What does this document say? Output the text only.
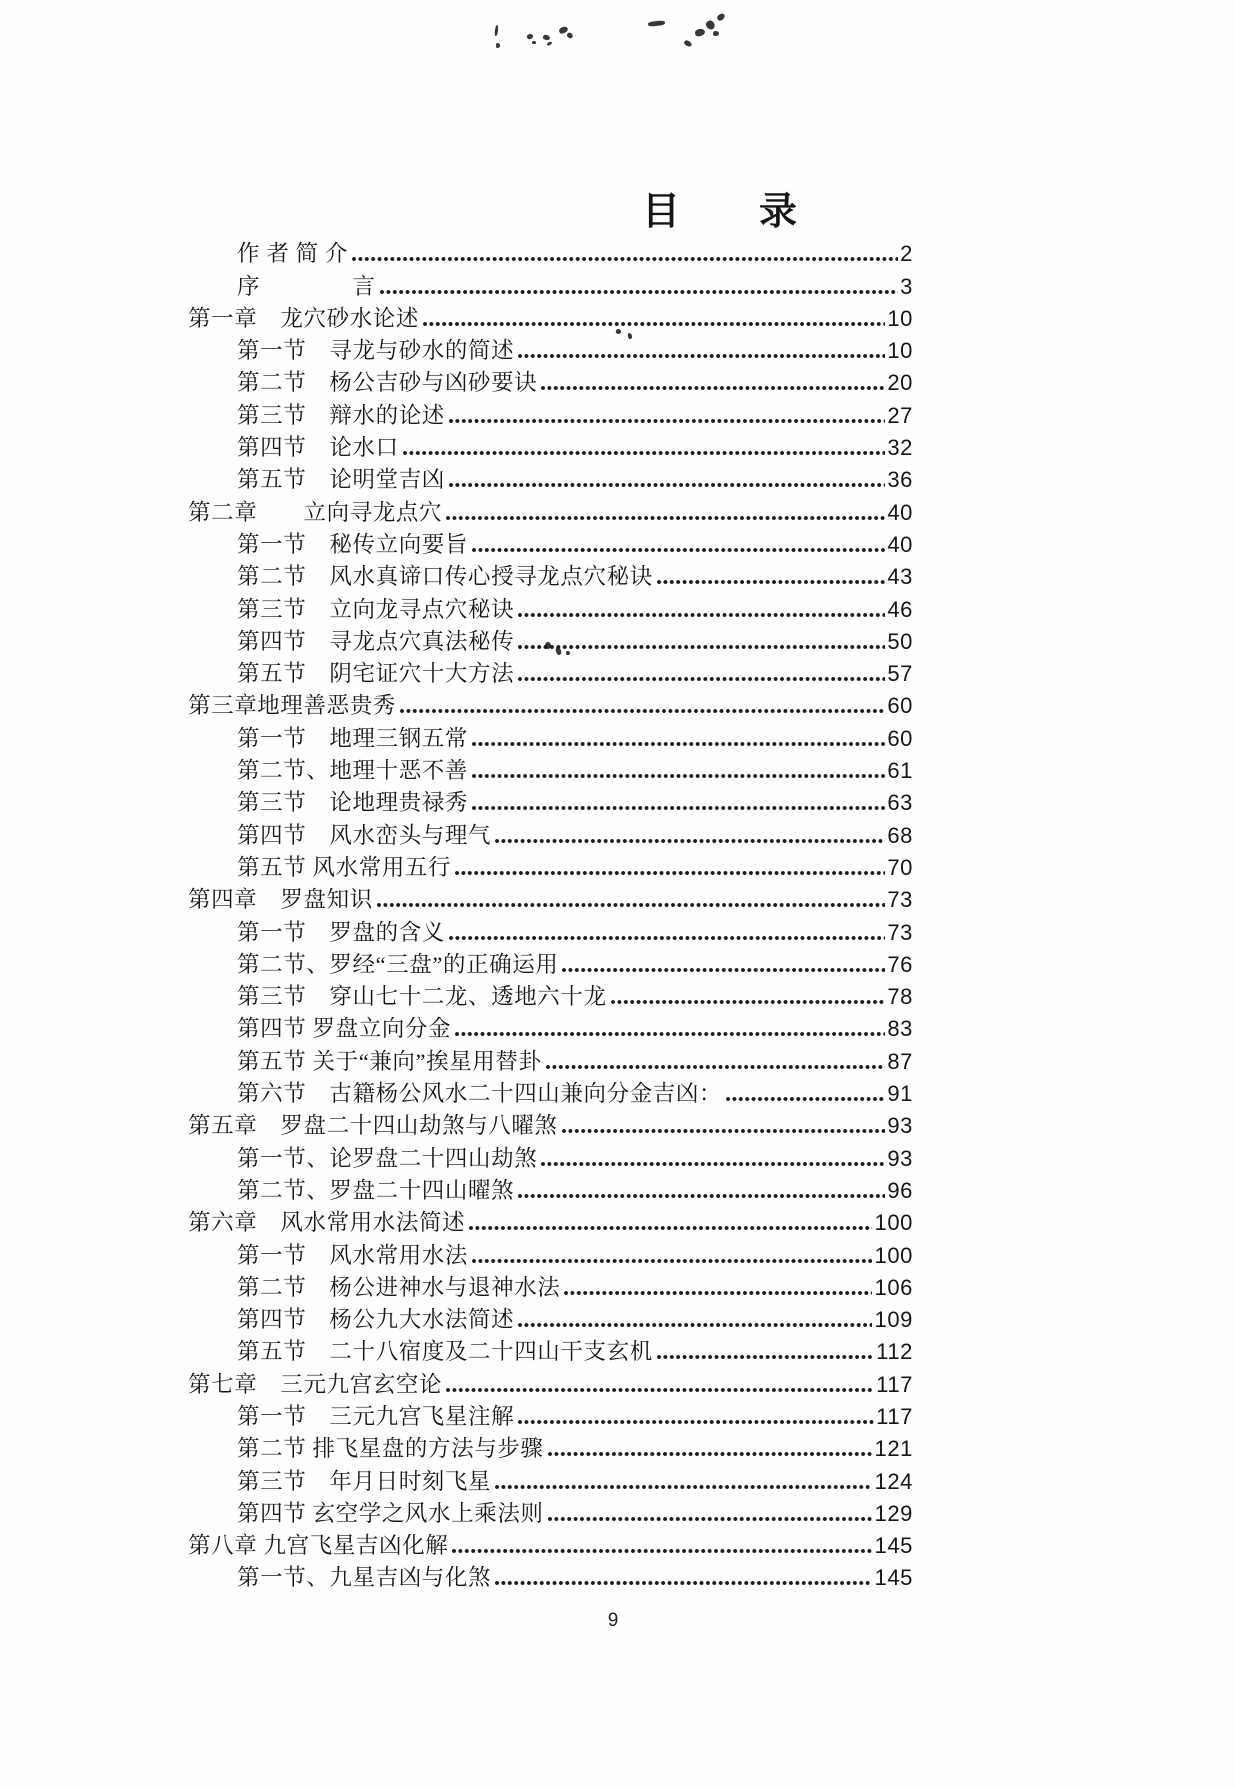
目　　录
作 者 简 介	2
序　　　　言	3
第一章　龙穴砂水论述	10
第一节　寻龙与砂水的简述	10
第二节　杨公吉砂与凶砂要诀	20
第三节　辩水的论述	27
第四节　论水口	32
第五节　论明堂吉凶	36
第二章　　立向寻龙点穴	40
第一节　秘传立向要旨	40
第二节　风水真谛口传心授寻龙点穴秘诀	43
第三节　立向龙寻点穴秘诀	46
第四节　寻龙点穴真法秘传	50
第五节　阴宅证穴十大方法	57
第三章地理善恶贵秀	60
第一节　地理三钢五常	60
第二节、地理十恶不善	61
第三节　论地理贵禄秀	63
第四节　风水峦头与理气	68
第五节 风水常用五行	70
第四章　罗盘知识	73
第一节　罗盘的含义	73
第二节、罗经“三盘”的正确运用	76
第三节　穿山七十二龙、透地六十龙	78
第四节 罗盘立向分金	83
第五节 关于“兼向”挨星用替卦	87
第六节　古籍杨公风水二十四山兼向分金吉凶：	91
第五章　罗盘二十四山劫煞与八曜煞	93
第一节、论罗盘二十四山劫煞	93
第二节、罗盘二十四山曜煞	96
第六章　风水常用水法简述	100
第一节　风水常用水法	100
第二节　杨公进神水与退神水法	106
第四节　杨公九大水法简述	109
第五节　二十八宿度及二十四山干支玄机	112
第七章　三元九宫玄空论	117
第一节　三元九宫飞星注解	117
第二节 排飞星盘的方法与步骤	121
第三节　年月日时刻飞星	124
第四节 玄空学之风水上乘法则	129
第八章 九宫飞星吉凶化解	145
第一节、九星吉凶与化煞	145
9
